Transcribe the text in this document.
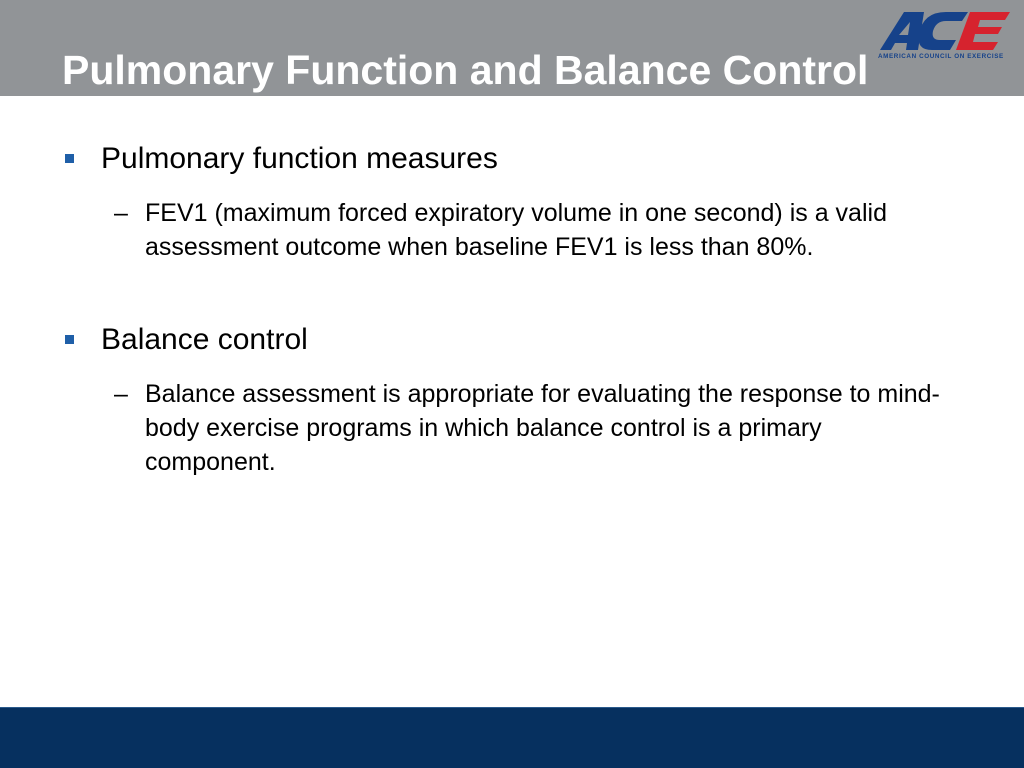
Pulmonary Function and Balance Control AMERICAN COUNCIL ON EXERCISE
Pulmonary function measures
– FEV1 (maximum forced expiratory volume in one second) is a valid assessment outcome when baseline FEV1 is less than 80%.
Balance control
– Balance assessment is appropriate for evaluating the response to mind-body exercise programs in which balance control is a primary component.
